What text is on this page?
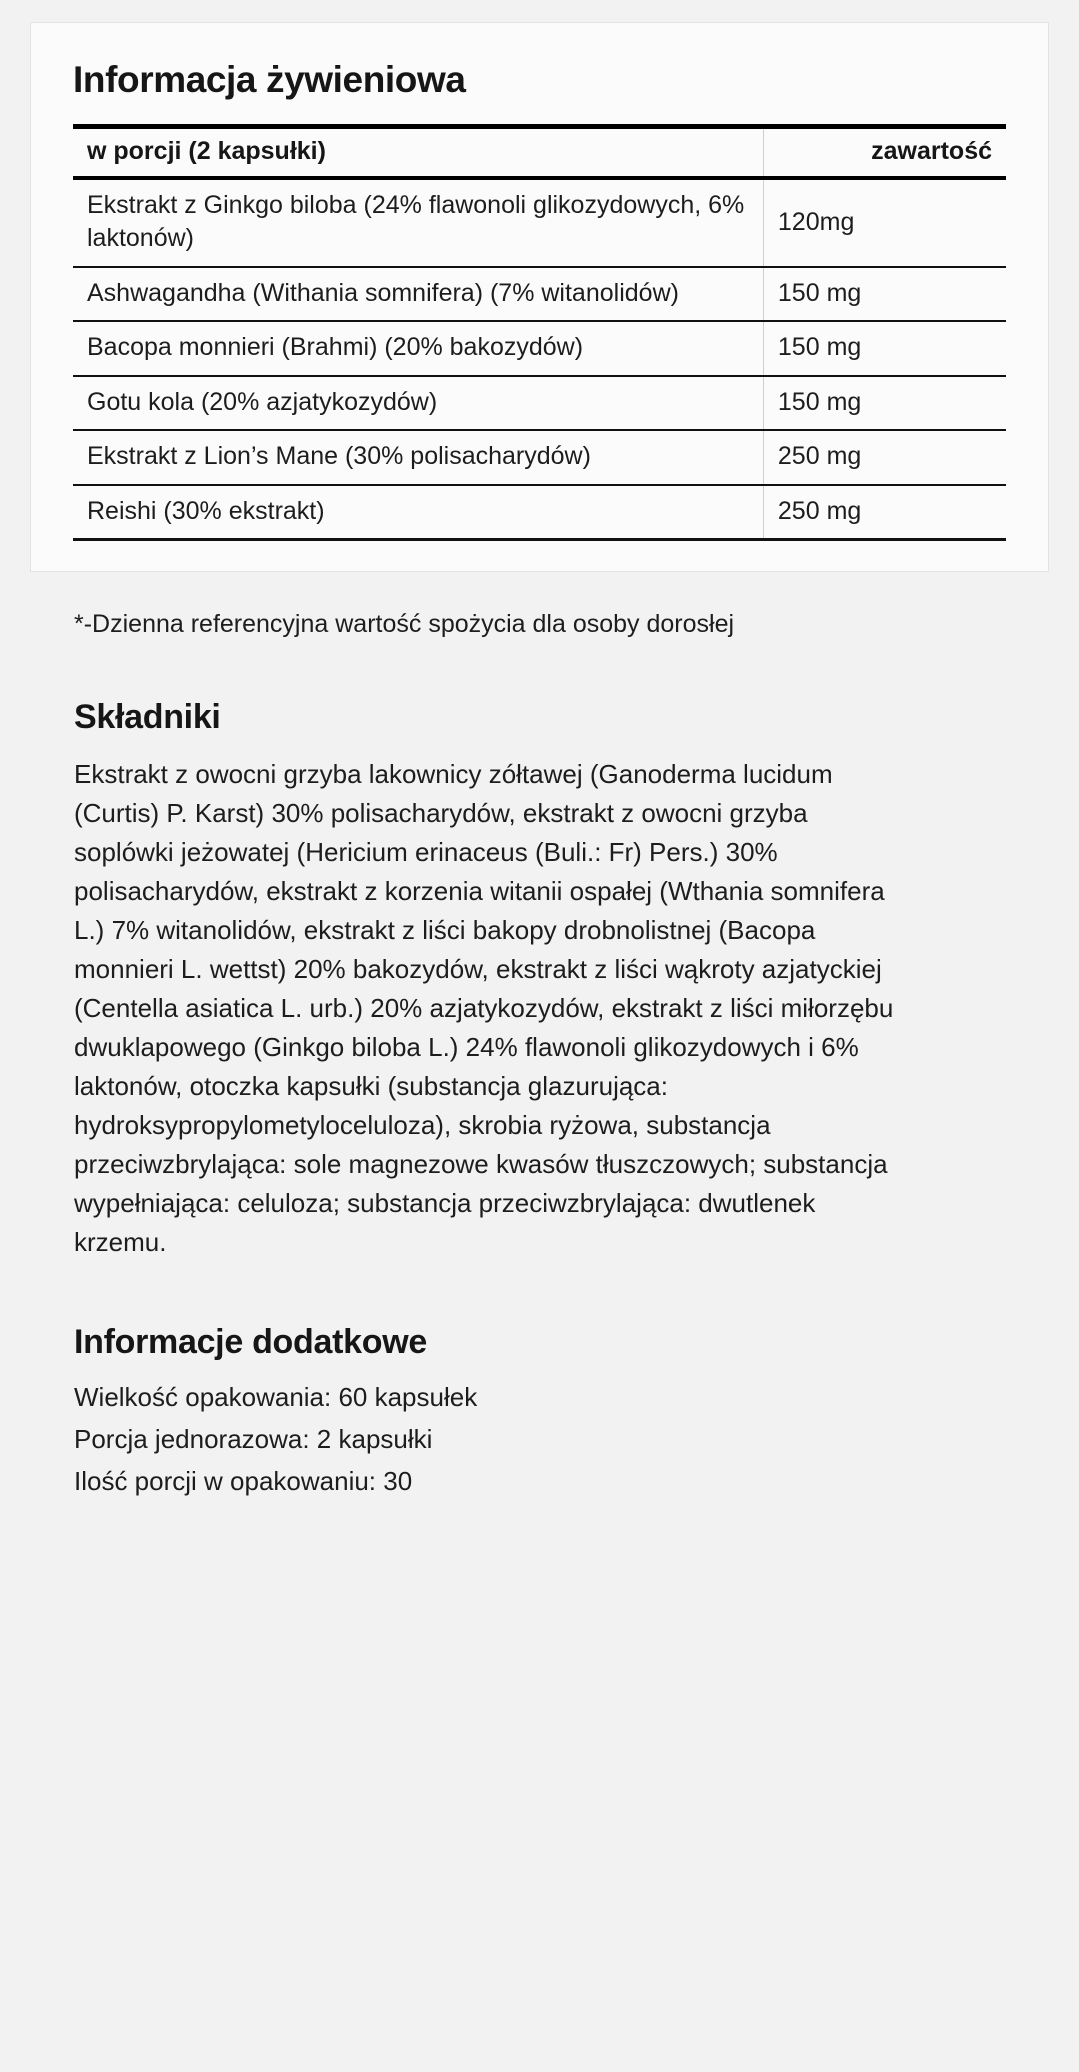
Informacja żywieniowa
w porcji (2 kapsułki)	zawartość
Ekstrakt z Ginkgo biloba (24% flawonoli glikozydowych, 6% laktonów)	120mg
Ashwagandha (Withania somnifera) (7% witanolidów)	150 mg
Bacopa monnieri (Brahmi) (20% bakozydów)	150 mg
Gotu kola (20% azjatykozydów)	150 mg
Ekstrakt z Lion’s Mane (30% polisacharydów)	250 mg
Reishi (30% ekstrakt)	250 mg

*-Dzienna referencyjna wartość spożycia dla osoby dorosłej

Składniki

Ekstrakt z owocni grzyba lakownicy zółtawej (Ganoderma lucidum (Curtis) P. Karst) 30% polisacharydów, ekstrakt z owocni grzyba soplówki jeżowatej (Hericium erinaceus (Buli.: Fr) Pers.) 30% polisacharydów, ekstrakt z korzenia witanii ospałej (Wthania somnifera L.) 7% witanolidów, ekstrakt z liści bakopy drobnolistnej (Bacopa monnieri L. wettst) 20% bakozydów, ekstrakt z liści wąkroty azjatyckiej (Centella asiatica L. urb.) 20% azjatykozydów, ekstrakt z liści miłorzębu dwuklapowego (Ginkgo biloba L.) 24% flawonoli glikozydowych i 6% laktonów, otoczka kapsułki (substancja glazurująca: hydroksypropylometyloceluloza), skrobia ryżowa, substancja przeciwzbrylająca: sole magnezowe kwasów tłuszczowych; substancja wypełniająca: celuloza; substancja przeciwzbrylająca: dwutlenek krzemu.

Informacje dodatkowe

Wielkość opakowania: 60 kapsułek

Porcja jednorazowa: 2 kapsułki

Ilość porcji w opakowaniu: 30
